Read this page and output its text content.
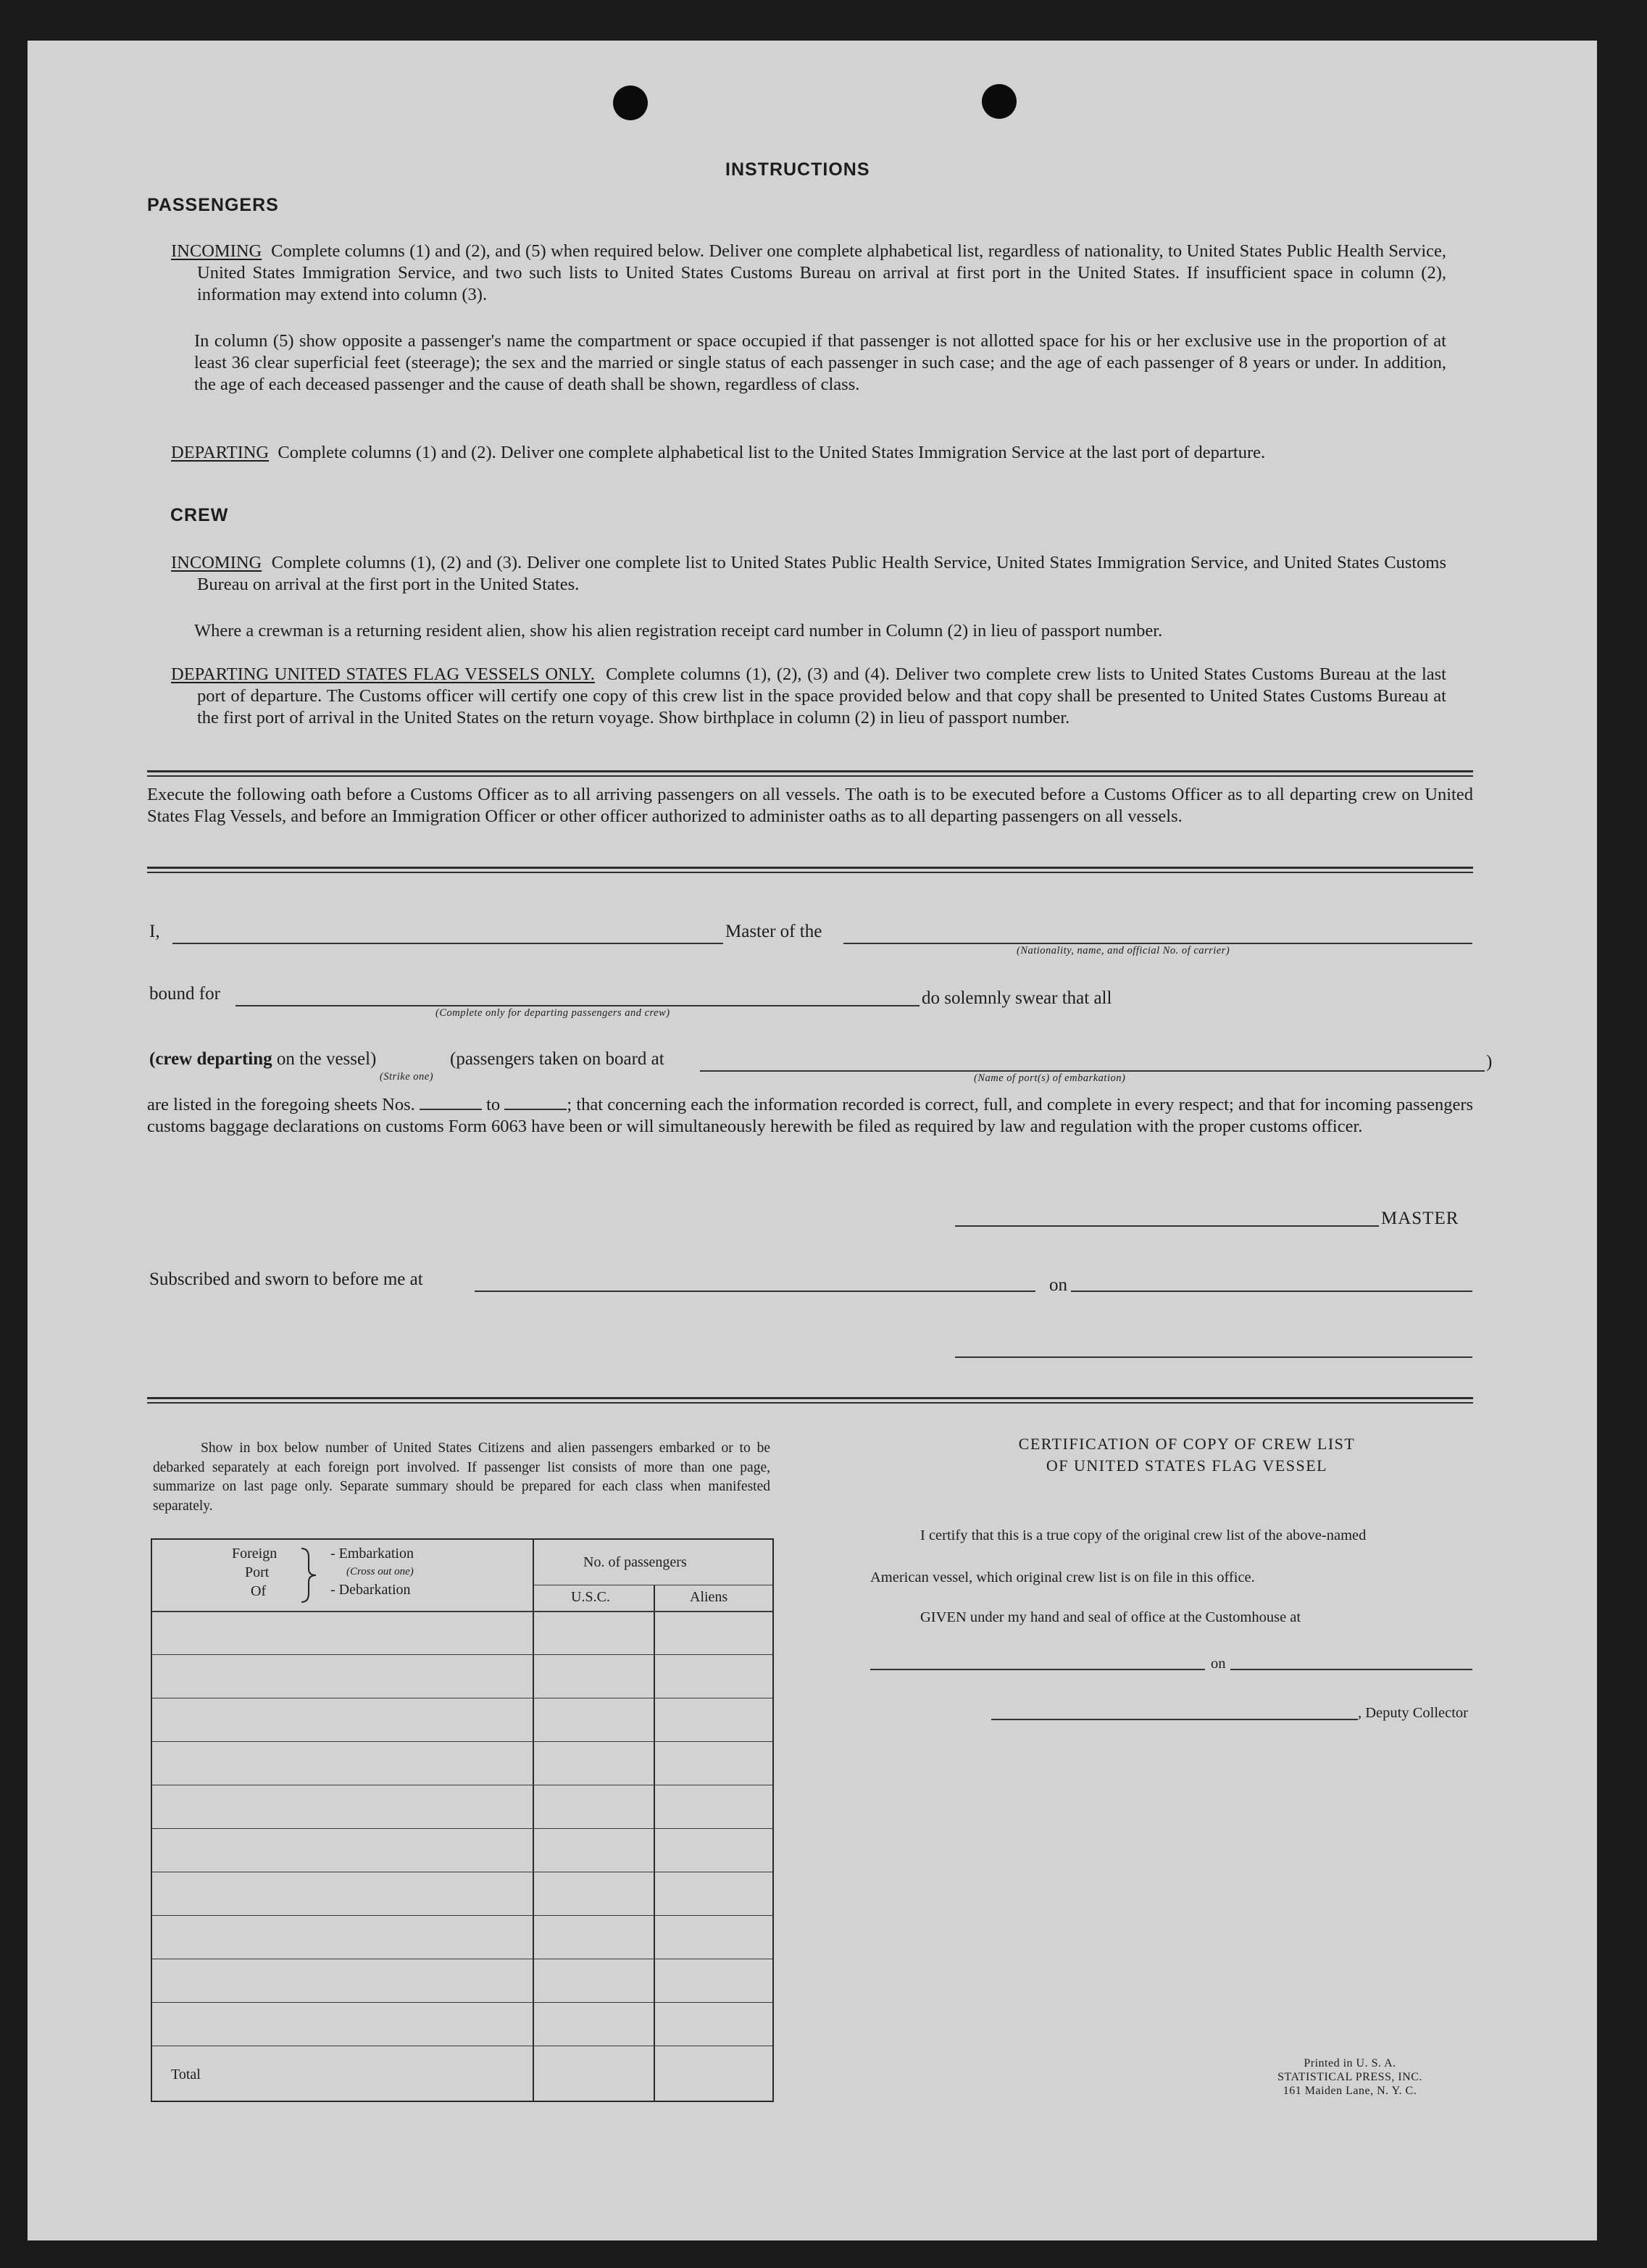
INSTRUCTIONS
PASSENGERS

INCOMING Complete columns (1) and (2), and (5) when required below. Deliver one complete alphabetical list, regardless of nationality, to United States Public Health Service, United States Immigration Service, and two such lists to United States Customs Bureau on arrival at first port in the United States. If insufficient space in column (2), information may extend into column (3).

In column (5) show opposite a passenger's name the compartment or space occupied if that passenger is not allotted space for his or her exclusive use in the proportion of at least 36 clear superficial feet (steerage); the sex and the married or single status of each passenger in such case; and the age of each passenger of 8 years or under. In addition, the age of each deceased passenger and the cause of death shall be shown, regardless of class.

DEPARTING Complete columns (1) and (2). Deliver one complete alphabetical list to the United States Immigration Service at the last port of departure.

CREW

INCOMING Complete columns (1), (2) and (3). Deliver one complete list to United States Public Health Service, United States Immigration Service, and United States Customs Bureau on arrival at the first port in the United States.

Where a crewman is a returning resident alien, show his alien registration receipt card number in Column (2) in lieu of passport number.

DEPARTING UNITED STATES FLAG VESSELS ONLY. Complete columns (1), (2), (3) and (4). Deliver two complete crew lists to United States Customs Bureau at the last port of departure. The Customs officer will certify one copy of this crew list in the space provided below and that copy shall be presented to United States Customs Bureau at the first port of arrival in the United States on the return voyage. Show birthplace in column (2) in lieu of passport number.

Execute the following oath before a Customs Officer as to all arriving passengers on all vessels. The oath is to be executed before a Customs Officer as to all departing crew on United States Flag Vessels, and before an Immigration Officer or other officer authorized to administer oaths as to all departing passengers on all vessels.

I,	Master of the
(Nationality, name, and official No. of carrier)
bound for
(Complete only for departing passengers and crew)
do solemnly swear that all
(crew departing on the vessel)	(passengers taken on board at	)
(Strike one)	(Name of port(s) of embarkation)

are listed in the foregoing sheets Nos.	to	; that concerning each the information recorded is correct, full, and complete in every respect; and that for incoming passengers customs baggage declarations on customs Form 6063 have been or will simultaneously herewith be filed as required by law and regulation with the proper customs officer.

MASTER
Subscribed and sworn to before me at	on

Show in box below number of United States Citizens and alien passengers embarked or to be debarked separately at each foreign port involved. If passenger list consists of more than one page, summarize on last page only. Separate summary should be prepared for each class when manifested separately.

Foreign
Port
Of
- Embarkation
(Cross out one)
- Debarkation
No. of passengers
U.S.C.	Aliens
Total
CERTIFICATION OF COPY OF CREW LIST
OF UNITED STATES FLAG VESSEL
I certify that this is a true copy of the original crew list of the above-named
American vessel, which original crew list is on file in this office.
GIVEN under my hand and seal of office at the Customhouse at
on
, Deputy Collector
Printed in U. S. A.
STATISTICAL PRESS, INC.
161 Maiden Lane, N. Y. C.
